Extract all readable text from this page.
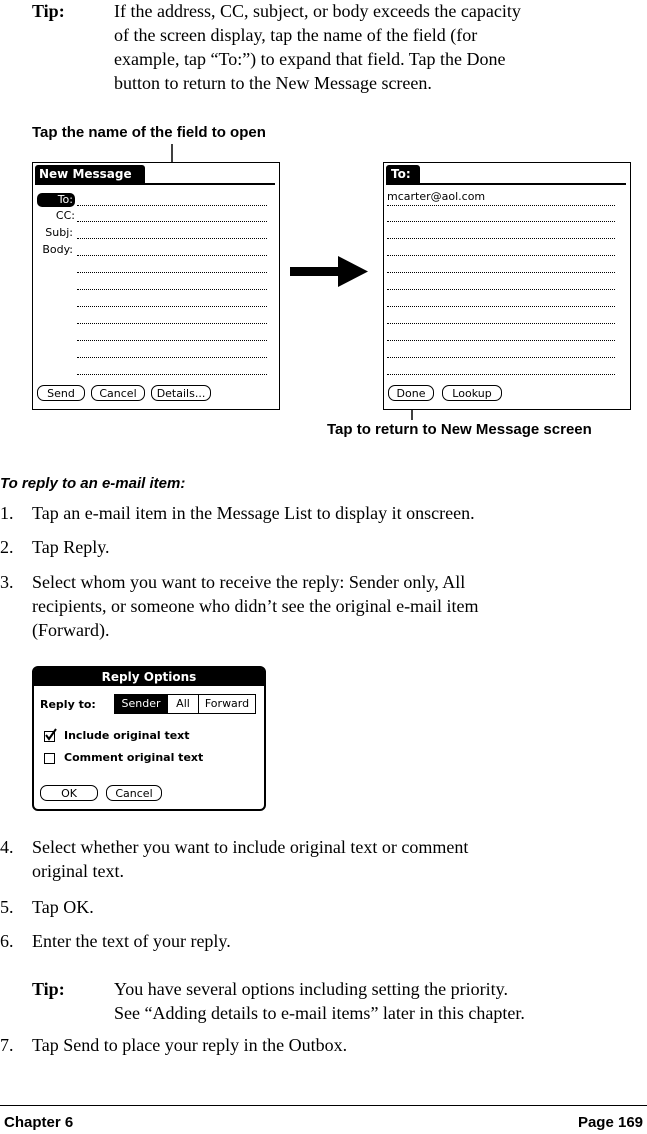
Tip:	If the address, CC, subject, or body exceeds the capacity
of the screen display, tap the name of the field (for
example, tap “To:”) to expand that field. Tap the Done
button to return to the New Message screen.
Tap the name of the field to open
New Message
To:
CC:
Subj:
Body:
Send	Cancel	Details...
To:
mcarter@aol.com
Done	Lookup
Tap to return to New Message screen
To reply to an e-mail item:
1.	Tap an e-mail item in the Message List to display it onscreen.
2.	Tap Reply.
3.	Select whom you want to receive the reply: Sender only, All
recipients, or someone who didn’t see the original e-mail item
(Forward).
Reply Options
Reply to:	Sender	All	Forward
Include original text
Comment original text
OK	Cancel
4.	Select whether you want to include original text or comment
original text.
5.	Tap OK.
6.	Enter the text of your reply.
Tip:	You have several options including setting the priority.
See “Adding details to e-mail items” later in this chapter.
7.	Tap Send to place your reply in the Outbox.
Chapter 6	Page 169
